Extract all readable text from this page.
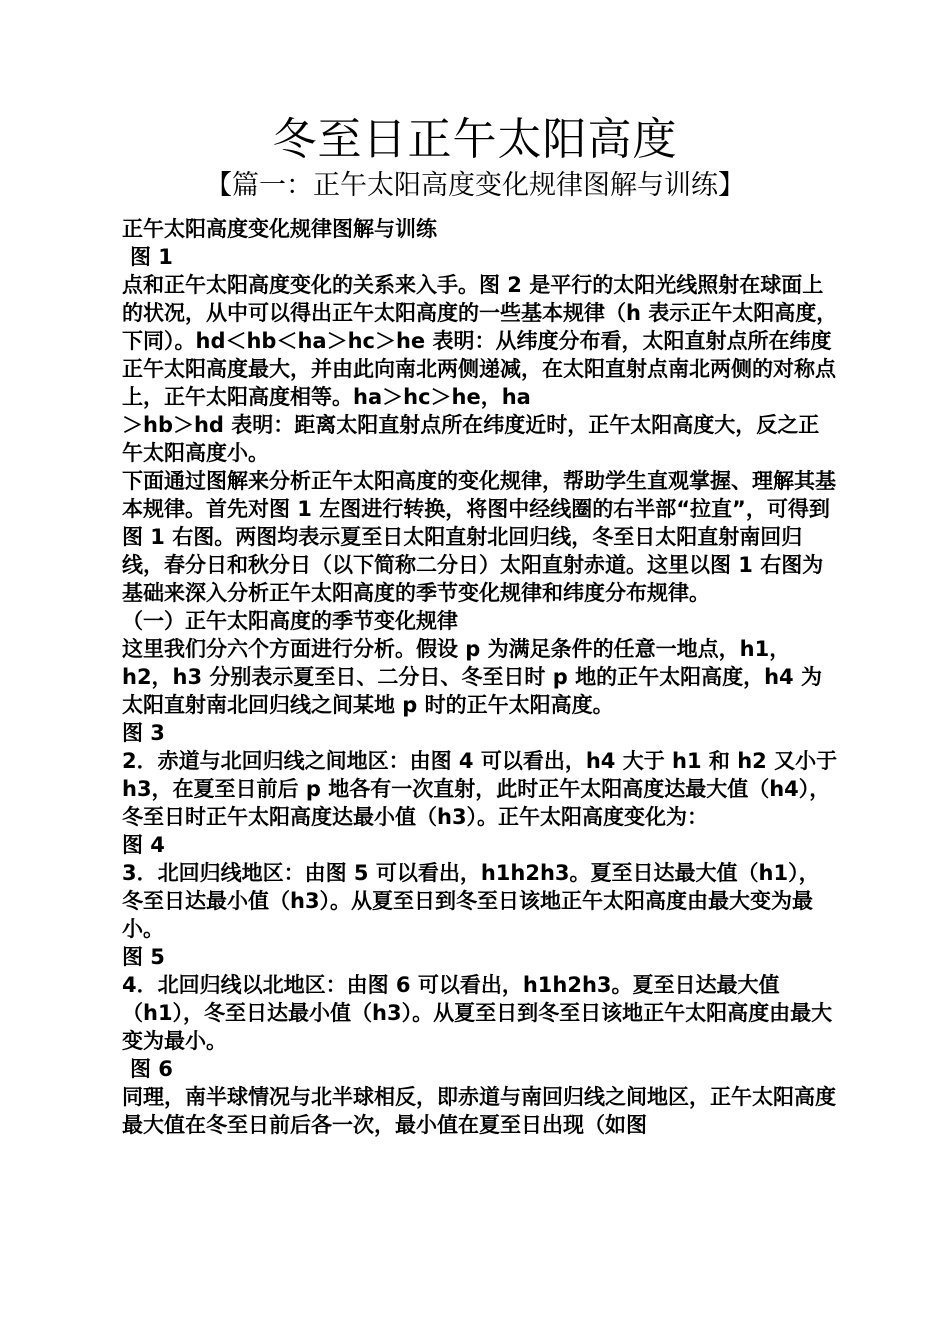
冬至日正午太阳高度
【篇一：正午太阳高度变化规律图解与训练】

正午太阳高度变化规律图解与训练

图 1

点和正午太阳高度变化的关系来入手。图 2 是平行的太阳光线照射在球面上的状况，从中可以得出正午太阳高度的一些基本规律（h 表示正午太阳高度，下同）。hd＜hb＜ha＞hc＞he 表明：从纬度分布看，太阳直射点所在纬度正午太阳高度最大，并由此向南北两侧递减，在太阳直射点南北两侧的对称点上，正午太阳高度相等。ha＞hc＞he，ha

＞hb＞hd 表明：距离太阳直射点所在纬度近时，正午太阳高度大，反之正午太阳高度小。

下面通过图解来分析正午太阳高度的变化规律，帮助学生直观掌握、理解其基本规律。首先对图 1 左图进行转换，将图中经线圈的右半部“拉直”，可得到图 1 右图。两图均表示夏至日太阳直射北回归线，冬至日太阳直射南回归线，春分日和秋分日（以下简称二分日）太阳直射赤道。这里以图 1 右图为基础来深入分析正午太阳高度的季节变化规律和纬度分布规律。

（一）正午太阳高度的季节变化规律

这里我们分六个方面进行分析。假设 p 为满足条件的任意一地点，h1，h2，h3 分别表示夏至日、二分日、冬至日时 p 地的正午太阳高度，h4 为太阳直射南北回归线之间某地 p 时的正午太阳高度。

图 3

2．赤道与北回归线之间地区：由图 4 可以看出，h4 大于 h1 和 h2 又小于 h3，在夏至日前后 p 地各有一次直射，此时正午太阳高度达最大值（h4），冬至日时正午太阳高度达最小值（h3）。正午太阳高度变化为：

图 4

3．北回归线地区：由图 5 可以看出，h1h2h3。夏至日达最大值（h1），冬至日达最小值（h3）。从夏至日到冬至日该地正午太阳高度由最大变为最小。

图 5

4．北回归线以北地区：由图 6 可以看出，h1h2h3。夏至日达最大值（h1），冬至日达最小值（h3）。从夏至日到冬至日该地正午太阳高度由最大变为最小。

图 6

同理，南半球情况与北半球相反，即赤道与南回归线之间地区，正午太阳高度最大值在冬至日前后各一次，最小值在夏至日出现（如图
